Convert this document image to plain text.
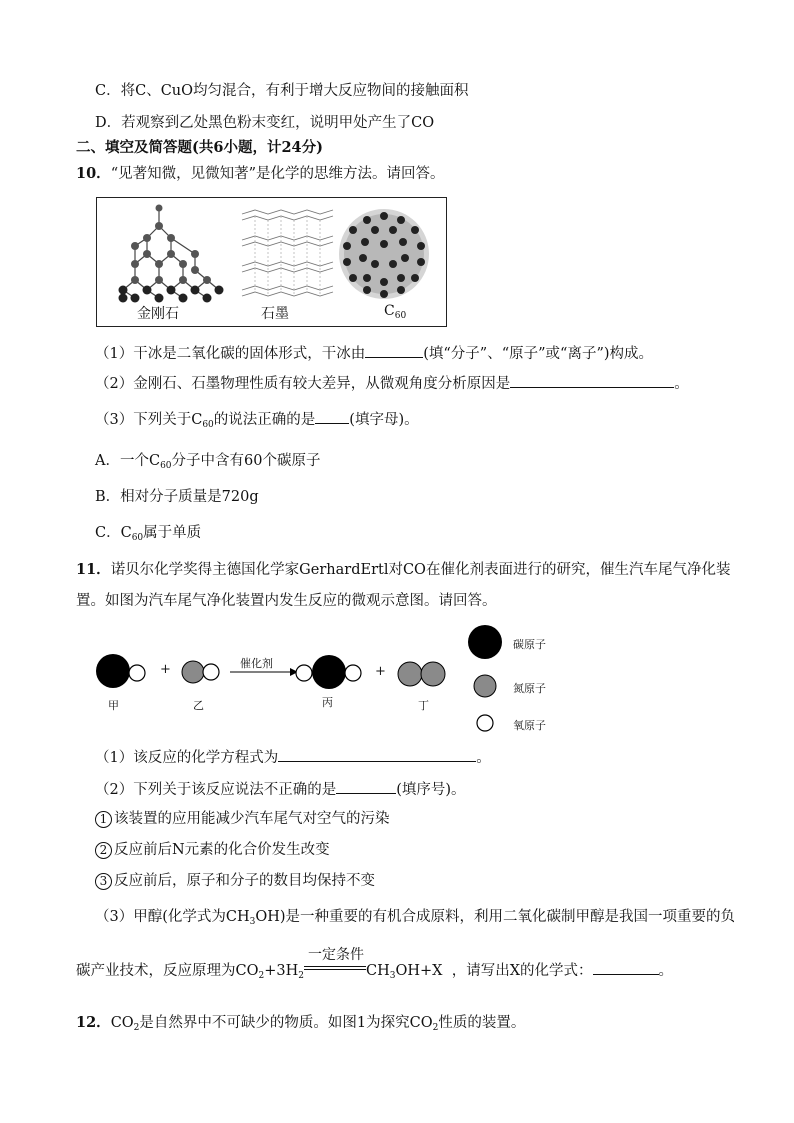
C．将C、CuO均匀混合，有利于增大反应物间的接触面积
D．若观察到乙处黑色粉末变红，说明甲处产生了CO
二、填空及简答题(共6小题，计24分)
10．“见著知微，见微知著”是化学的思维方法。请回答。
金刚石	石墨	$C_{60}$
（1）干冰是二氧化碳的固体形式，干冰由	(填“分子”、“原子”或“离子”)构成。
（2）金刚石、石墨物理性质有较大差异，从微观角度分析原因是	。
（3）下列关于$C_{60}$的说法正确的是 (填字母)。
A．一个$C_{60}$分子中含有60个碳原子
B．相对分子质量是720g
C．$C_{60}$属于单质
11．诺贝尔化学奖得主德国化学家GerhardErtl对CO在催化剂表面进行的研究，催生汽车尾气净化装
置。如图为汽车尾气净化装置内发生反应的微观示意图。请回答。
+	+
催化剂
甲	乙	丙	丁
碳原子
氮原子
氧原子
（1）该反应的化学方程式为	。
（2）下列关于该反应说法不正确的是	(填序号)。
1 该装置的应用能减少汽车尾气对空气的污染
2 反应前后N元素的化合价发生改变
3 反应前后，原子和分子的数目均保持不变
（3）甲醇(化学式为$CH_3OH$)是一种重要的有机合成原料，利用二氧化碳制甲醇是我国一项重要的负
碳产业技术，反应原理为$CO_2+3H_2$
一定条件
$CH_3OH+X$ ，请写出X的化学式：	。
12．$CO_2$是自然界中不可缺少的物质。如图1为探究$CO_2$性质的装置。
